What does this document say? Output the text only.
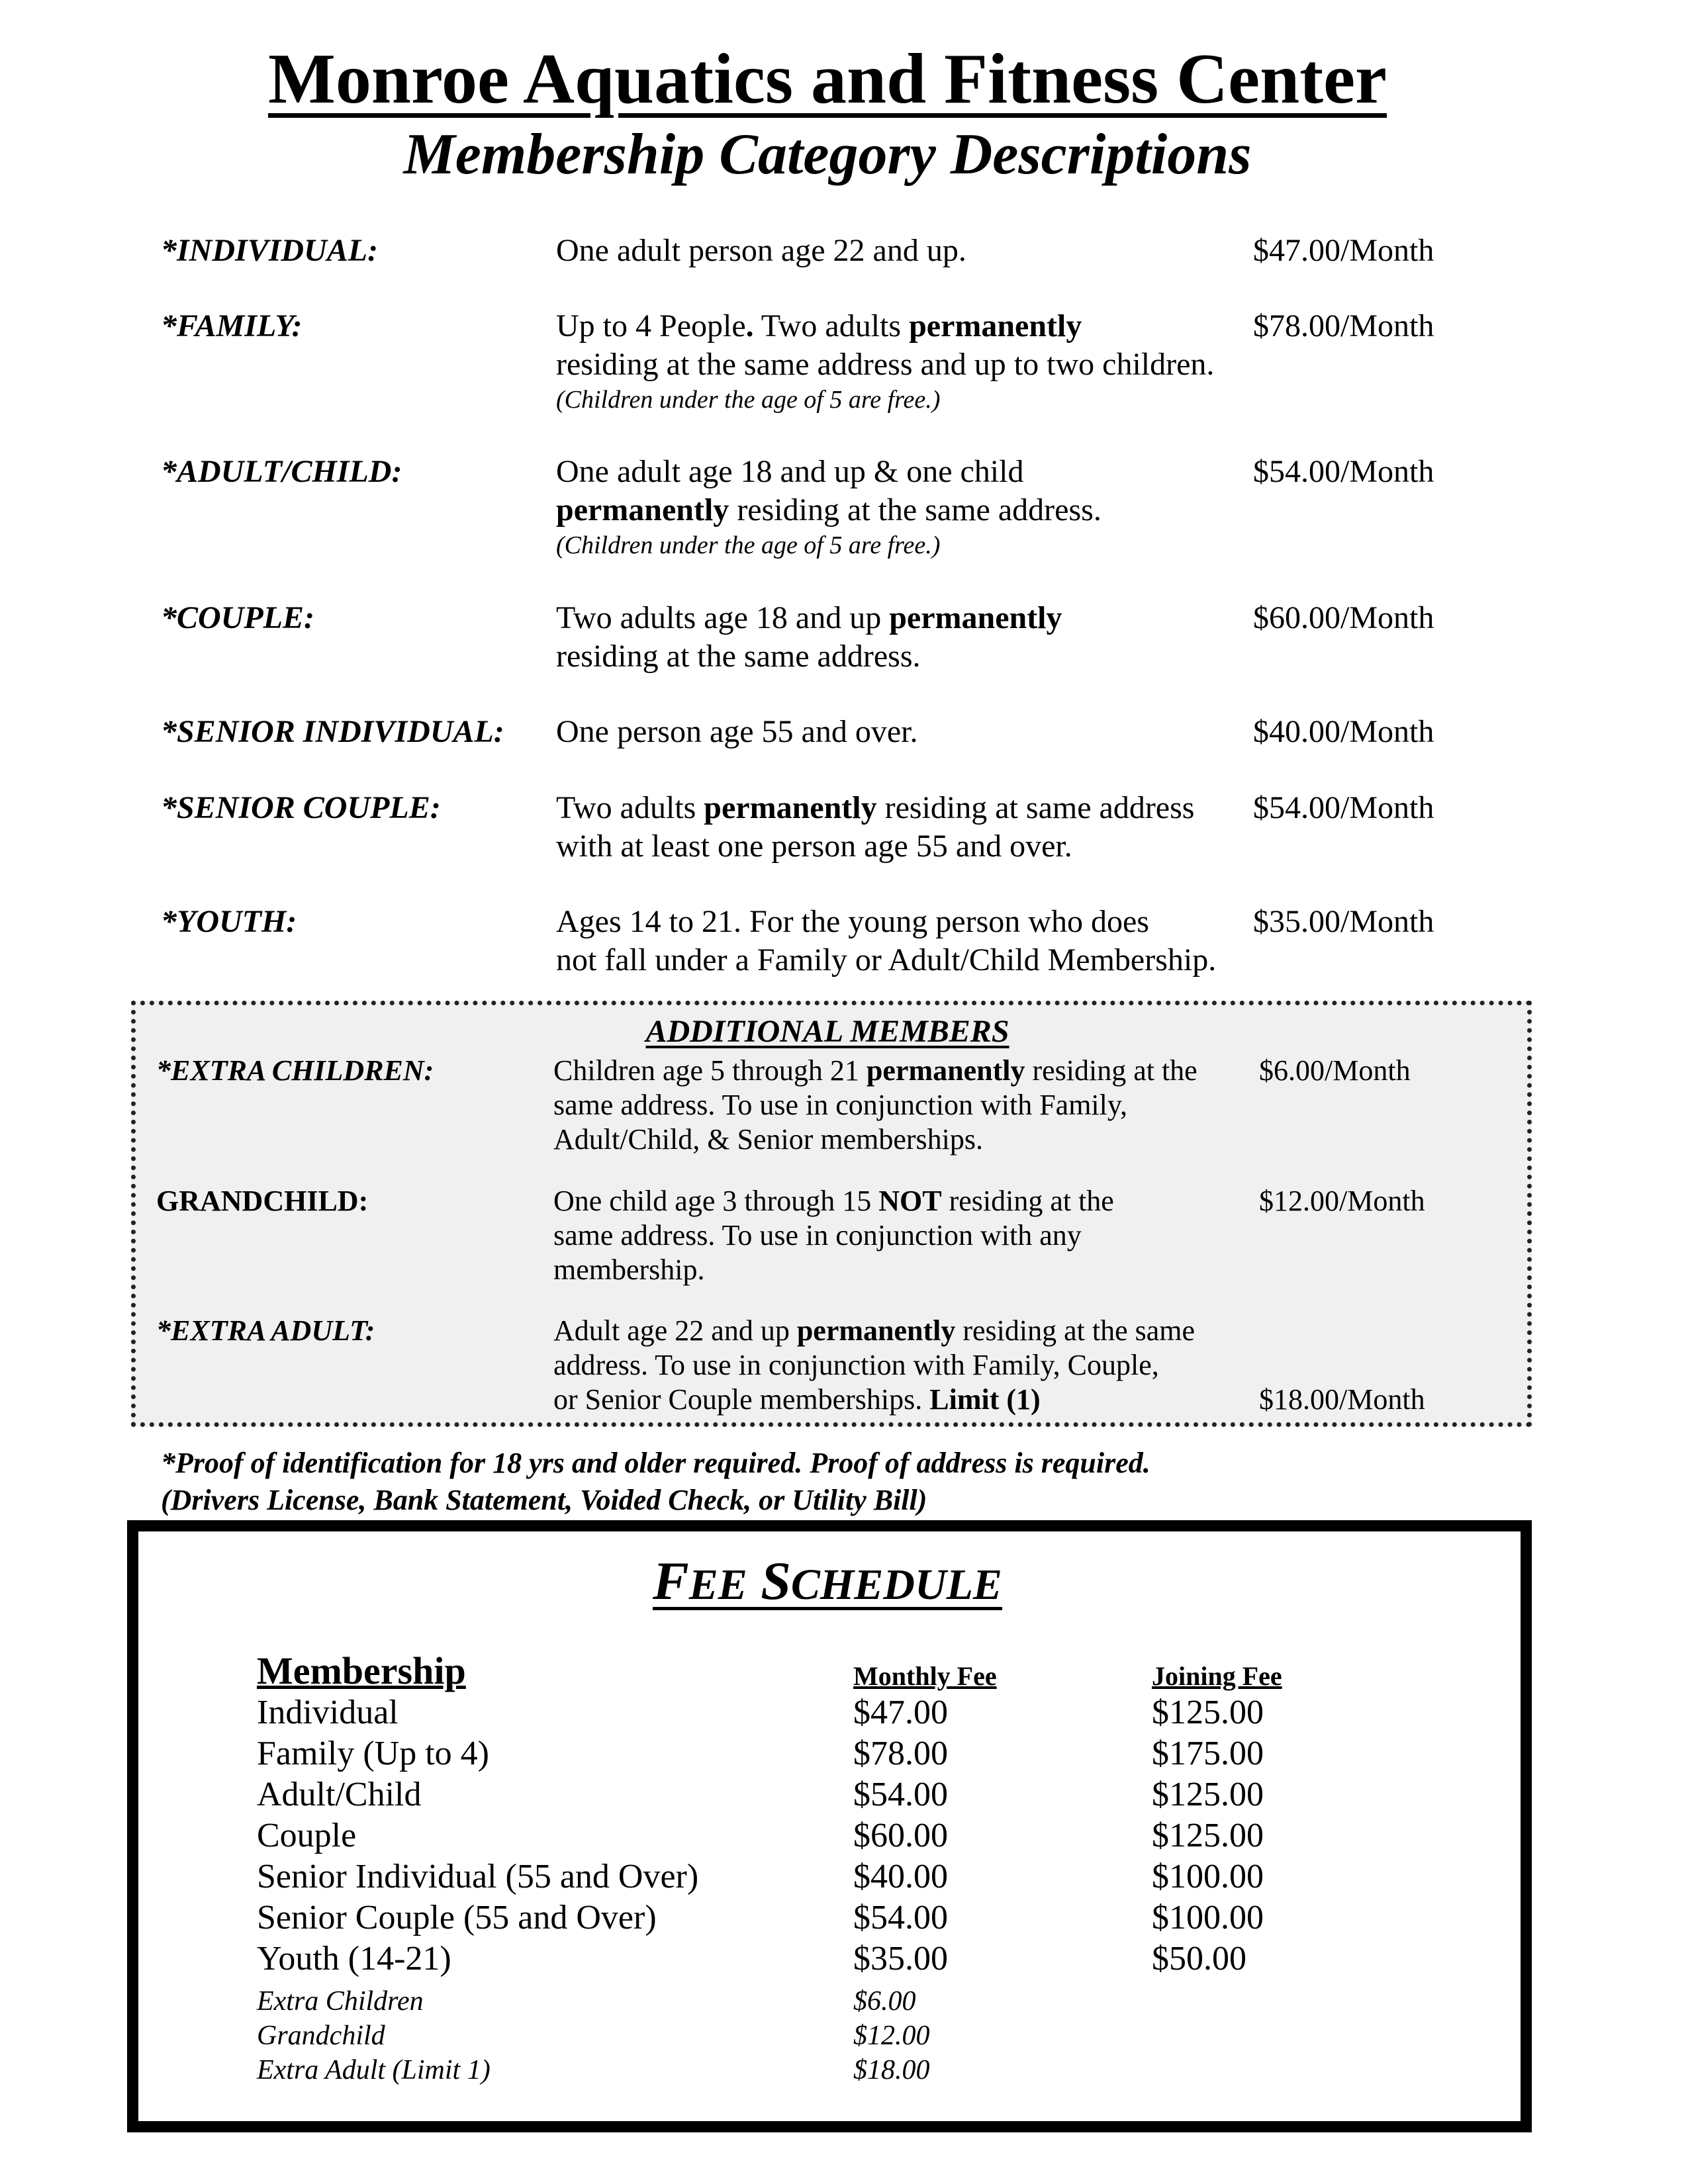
Monroe Aquatics and Fitness Center
Membership Category Descriptions
*INDIVIDUAL:	One adult person age 22 and up.	$47.00/Month
*FAMILY:	Up to 4 People. Two adults permanently
residing at the same address and up to two children.
(Children under the age of 5 are free.)
$78.00/Month
*ADULT/CHILD:	One adult age 18 and up & one child
permanently residing at the same address.
(Children under the age of 5 are free.)
$54.00/Month
*COUPLE:	Two adults age 18 and up permanently
residing at the same address.
$60.00/Month
*SENIOR INDIVIDUAL: One person age 55 and over.	$40.00/Month
*SENIOR COUPLE:	Two adults permanently residing at same address
with at least one person age 55 and over.
$54.00/Month
*YOUTH:	Ages 14 to 21. For the young person who does
not fall under a Family or Adult/Child Membership.
$35.00/Month
ADDITIONAL MEMBERS
*EXTRA CHILDREN:	Children age 5 through 21 permanently residing at the
same address. To use in conjunction with Family,
Adult/Child, & Senior memberships.
$6.00/Month
GRANDCHILD:	One child age 3 through 15 NOT residing at the
same address. To use in conjunction with any
membership.
$12.00/Month
*EXTRA ADULT:	Adult age 22 and up permanently residing at the same
address. To use in conjunction with Family, Couple,
or Senior Couple memberships. Limit (1)	$18.00/Month
*Proof of identification for 18 yrs and older required. Proof of address is required.
(Drivers License, Bank Statement, Voided Check, or Utility Bill)
FEE SCHEDULE
Membership	Monthly Fee	Joining Fee
Individual	$47.00	$125.00
Family (Up to 4)	$78.00	$175.00
Adult/Child	$54.00	$125.00
Couple	$60.00	$125.00
Senior Individual (55 and Over)	$40.00	$100.00
Senior Couple (55 and Over)	$54.00	$100.00
Youth (14-21)	$35.00	$50.00
Extra Children	$6.00
Grandchild	$12.00
Extra Adult (Limit 1)	$18.00
